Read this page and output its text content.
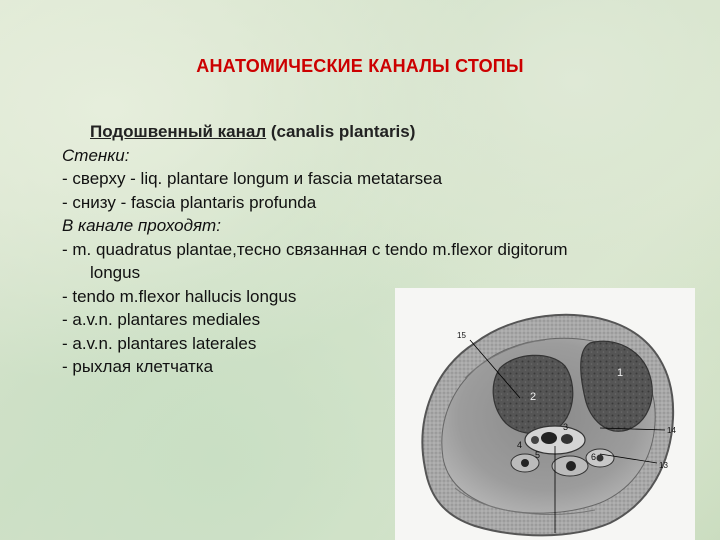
АНАТОМИЧЕСКИЕ КАНАЛЫ СТОПЫ
Подошвенный канал (canalis plantaris)
Стенки:
- сверху - liq. plantare longum и fascia metatarsea
- снизу - fascia plantaris profunda
В канале проходят:
- m. quadratus plantae,тесно связанная с tendo m.flexor digitorum
longus
- tendo m.flexor hallucis longus
- a.v.n. plantares mediales
- a.v.n. plantares laterales
- рыхлая клетчатка
15
2
1
3	14
4
5
13
6
